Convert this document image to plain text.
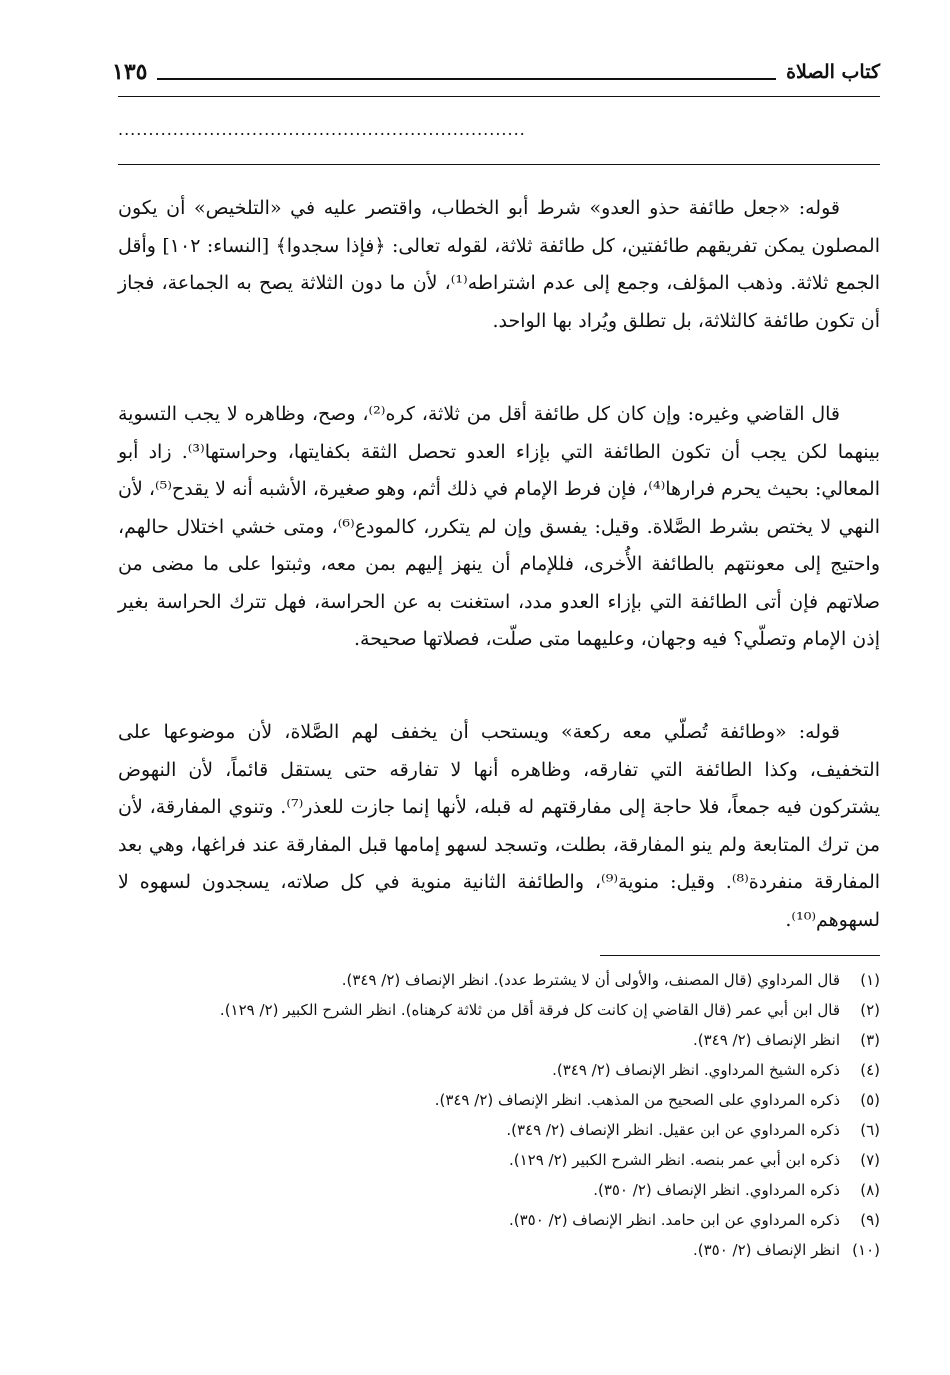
كتاب الصلاة
١٣٥
...................................................................

قوله: «جعل طائفة حذو العدو» شرط أبو الخطاب، واقتصر عليه في «التلخيص» أن يكون المصلون يمكن تفريقهم طائفتين، كل طائفة ثلاثة، لقوله تعالى: ﴿فإذا سجدوا﴾ [النساء: ١٠٢] وأقل الجمع ثلاثة. وذهب المؤلف، وجمع إلى عدم اشتراطه⁽¹⁾، لأن ما دون الثلاثة يصح به الجماعة، فجاز أن تكون طائفة كالثلاثة، بل تطلق ويُراد بها الواحد.

قال القاضي وغيره: وإن كان كل طائفة أقل من ثلاثة، كره⁽²⁾، وصح، وظاهره لا يجب التسوية بينهما لكن يجب أن تكون الطائفة التي بإزاء العدو تحصل الثقة بكفايتها، وحراستها⁽³⁾. زاد أبو المعالي: بحيث يحرم فرارها⁽⁴⁾، فإن فرط الإمام في ذلك أثم، وهو صغيرة، الأشبه أنه لا يقدح⁽⁵⁾، لأن النهي لا يختص بشرط الصَّلاة. وقيل: يفسق وإن لم يتكرر، كالمودع⁽⁶⁾، ومتى خشي اختلال حالهم، واحتيج إلى معونتهم بالطائفة الأُخرى، فللإمام أن ينهز إليهم بمن معه، وثبتوا على ما مضى من صلاتهم فإن أتى الطائفة التي بإزاء العدو مدد، استغنت به عن الحراسة، فهل تترك الحراسة بغير إذن الإمام وتصلّي؟ فيه وجهان، وعليهما متى صلّت، فصلاتها صحيحة.

قوله: «وطائفة تُصلّي معه ركعة» ويستحب أن يخفف لهم الصَّلاة، لأن موضوعها على التخفيف، وكذا الطائفة التي تفارقه، وظاهره أنها لا تفارقه حتى يستقل قائماً، لأن النهوض يشتركون فيه جمعاً، فلا حاجة إلى مفارقتهم له قبله، لأنها إنما جازت للعذر⁽⁷⁾. وتنوي المفارقة، لأن من ترك المتابعة ولم ينو المفارقة، بطلت، وتسجد لسهو إمامها قبل المفارقة عند فراغها، وهي بعد المفارقة منفردة⁽⁸⁾. وقيل: منوية⁽⁹⁾، والطائفة الثانية منوية في كل صلاته، يسجدون لسهوه لا لسهوهم⁽¹⁰⁾.

(١)
قال المرداوي (قال المصنف، والأولى أن لا يشترط عدد). انظر الإنصاف (٢/ ٣٤٩).
(٢)
قال ابن أبي عمر (قال القاضي إن كانت كل فرقة أقل من ثلاثة كرهناه). انظر الشرح الكبير (٢/ ١٢٩).
(٣)
انظر الإنصاف (٢/ ٣٤٩).
(٤)
ذكره الشيخ المرداوي. انظر الإنصاف (٢/ ٣٤٩).
(٥)
ذكره المرداوي على الصحيح من المذهب. انظر الإنصاف (٢/ ٣٤٩).
(٦)
ذكره المرداوي عن ابن عقيل. انظر الإنصاف (٢/ ٣٤٩).
(٧)
ذكره ابن أبي عمر بنصه. انظر الشرح الكبير (٢/ ١٢٩).
(٨)
ذكره المرداوي. انظر الإنصاف (٢/ ٣٥٠).
(٩)
ذكره المرداوي عن ابن حامد. انظر الإنصاف (٢/ ٣٥٠).
(١٠)
انظر الإنصاف (٢/ ٣٥٠).
